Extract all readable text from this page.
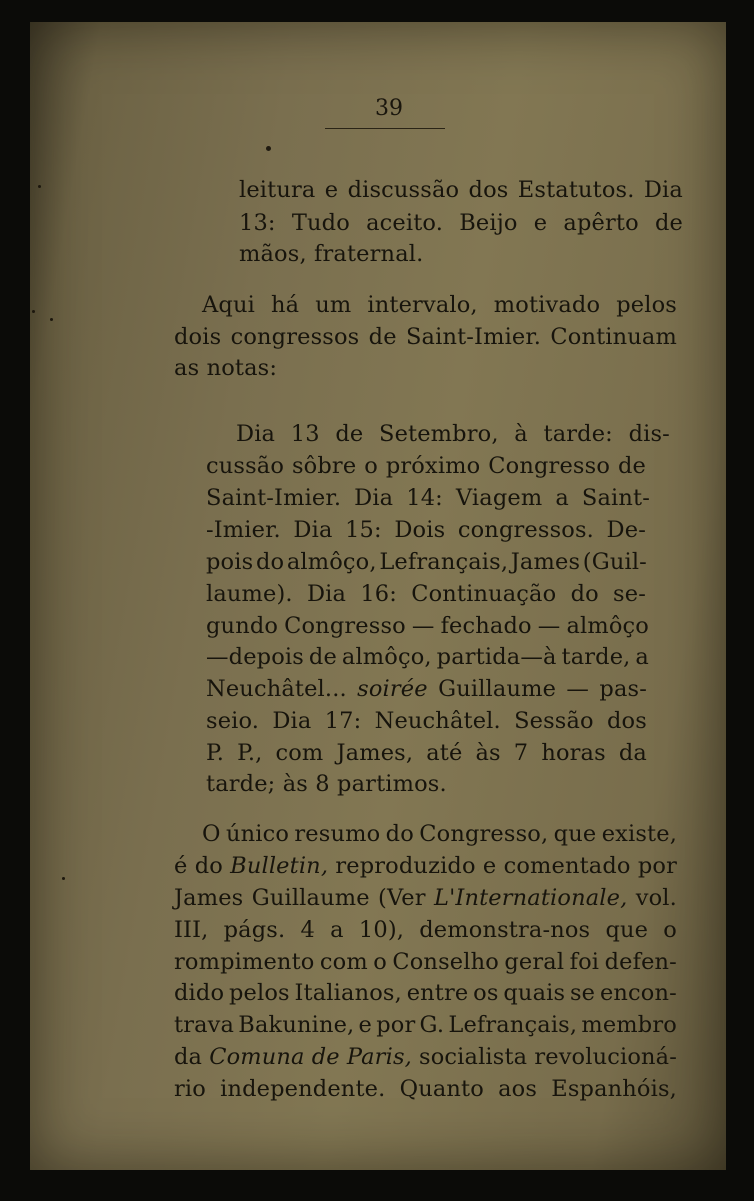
39
leitura e discussão dos Estatutos. Dia
13: Tudo aceito. Beijo e apêrto de
mãos, fraternal.
Aqui há um intervalo, motivado pelos
dois congressos de Saint-Imier. Continuam
as notas:
Dia 13 de Setembro, à tarde: dis-
cussão sôbre o próximo Congresso de
Saint-Imier. Dia 14: Viagem a Saint-
-Imier. Dia 15: Dois congressos. De-
pois do almôço, Lefrançais, James (Guil-
laume). Dia 16: Continuação do se-
gundo Congresso — fechado — almôço
—depois de almôço, partida—à tarde, a
Neuchâtel... soirée Guillaume — pas-
seio. Dia 17: Neuchâtel. Sessão dos
P. P., com James, até às 7 horas da
tarde; às 8 partimos.
O único resumo do Congresso, que existe,
é do Bulletin, reproduzido e comentado por
James Guillaume (Ver L'Internationale, vol.
III, págs. 4 a 10), demonstra-nos que o
rompimento com o Conselho geral foi defen-
dido pelos Italianos, entre os quais se encon-
trava Bakunine, e por G. Lefrançais, membro
da Comuna de Paris, socialista revolucioná-
rio independente. Quanto aos Espanhóis,
